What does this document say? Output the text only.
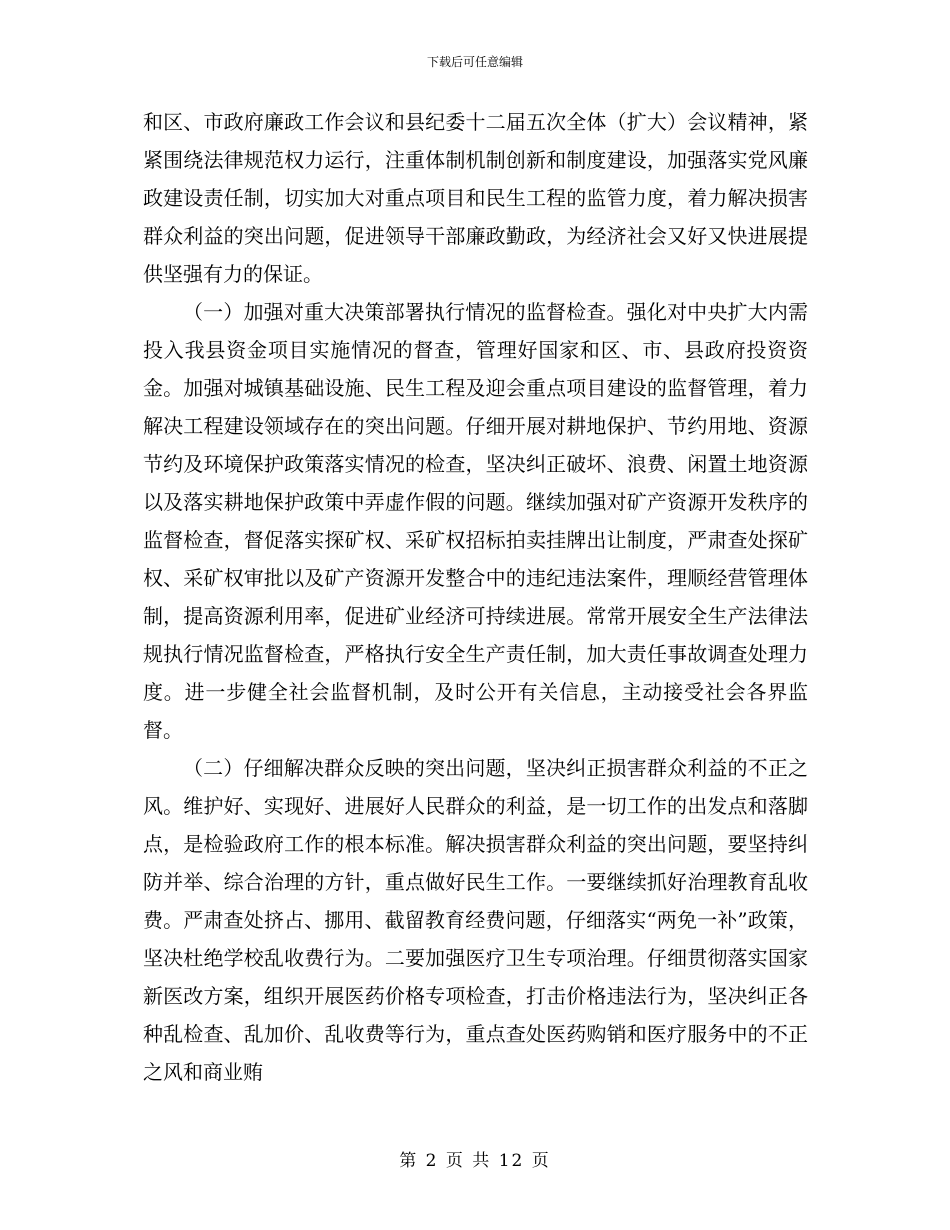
下载后可任意编辑

和区、市政府廉政工作会议和县纪委十二届五次全体（扩大）会议精神，紧紧围绕法律规范权力运行，注重体制机制创新和制度建设，加强落实党风廉政建设责任制，切实加大对重点项目和民生工程的监管力度，着力解决损害群众利益的突出问题，促进领导干部廉政勤政，为经济社会又好又快进展提供坚强有力的保证。

（一）加强对重大决策部署执行情况的监督检查。强化对中央扩大内需投入我县资金项目实施情况的督查，管理好国家和区、市、县政府投资资金。加强对城镇基础设施、民生工程及迎会重点项目建设的监督管理，着力解决工程建设领域存在的突出问题。仔细开展对耕地保护、节约用地、资源节约及环境保护政策落实情况的检查，坚决纠正破坏、浪费、闲置土地资源以及落实耕地保护政策中弄虚作假的问题。继续加强对矿产资源开发秩序的监督检查，督促落实探矿权、采矿权招标拍卖挂牌出让制度，严肃查处探矿权、采矿权审批以及矿产资源开发整合中的违纪违法案件，理顺经营管理体制，提高资源利用率，促进矿业经济可持续进展。常常开展安全生产法律法规执行情况监督检查，严格执行安全生产责任制，加大责任事故调查处理力度。进一步健全社会监督机制，及时公开有关信息，主动接受社会各界监督。

（二）仔细解决群众反映的突出问题，坚决纠正损害群众利益的不正之风。维护好、实现好、进展好人民群众的利益，是一切工作的出发点和落脚点，是检验政府工作的根本标准。解决损害群众利益的突出问题，要坚持纠防并举、综合治理的方针，重点做好民生工作。一要继续抓好治理教育乱收费。严肃查处挤占、挪用、截留教育经费问题，仔细落实“两免一补”政策，坚决杜绝学校乱收费行为。二要加强医疗卫生专项治理。仔细贯彻落实国家新医改方案，组织开展医药价格专项检查，打击价格违法行为，坚决纠正各种乱检查、乱加价、乱收费等行为，重点查处医药购销和医疗服务中的不正之风和商业贿

第 2 页 共 12 页
